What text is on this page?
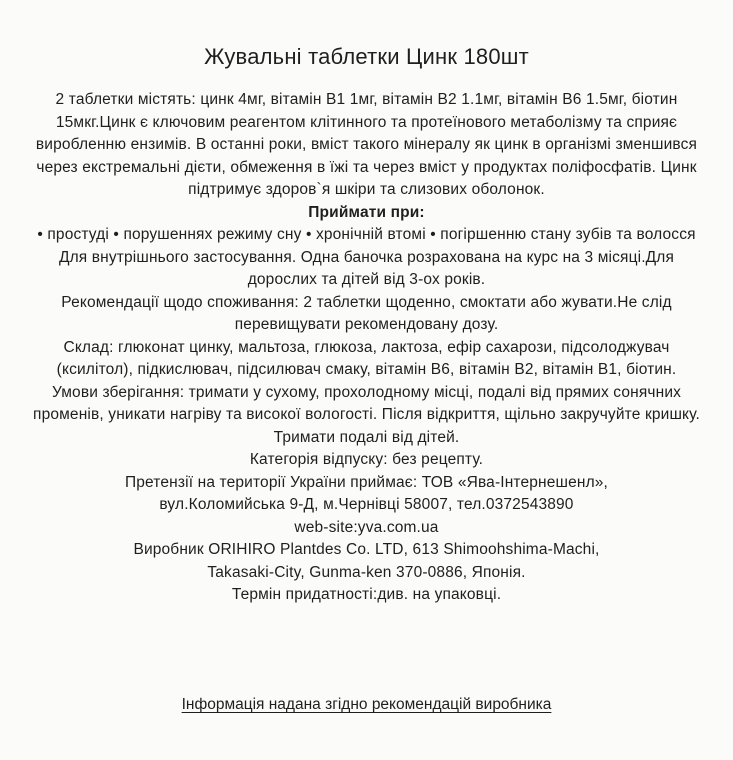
Жувальні таблетки Цинк 180шт

2 таблетки містять: цинк 4мг, вітамін B1 1мг, вітамін B2 1.1мг, вітамін B6 1.5мг, біотин 15мкг.Цинк є ключовим реагентом клітинного та протеїнового метаболізму та сприяє виробленню ензимів. В останні роки, вміст такого мінералу як цинк в організмі зменшився через екстремальні дієти, обмеження в їжі та через вміст у продуктах поліфосфатів. Цинк підтримує здоров`я шкіри та слизових оболонок.

Приймати при:

• простуді • порушеннях режиму сну • хронічній втомі • погіршенню стану зубів та волосся

Для внутрішнього застосування. Одна баночка розрахована на курс на 3 місяці.Для дорослих та дітей від 3-ох років.

Рекомендації щодо споживання: 2 таблетки щоденно, смоктати або жувати.Не слід перевищувати рекомендовану дозу.

Склад: глюконат цинку, мальтоза, глюкоза, лактоза, ефір сахарози, підсолоджувач (ксилітол), підкислювач, підсилювач смаку, вітамін B6, вітамін B2, вітамін B1, біотин.

Умови зберігання: тримати у сухому, прохолодному місці, подалі від прямих сонячних променів, уникати нагріву та високої вологості. Після відкриття, щільно закручуйте кришку. Тримати подалі від дітей.

Категорія відпуску: без рецепту.

Претензії на території України приймає: ТОВ «Ява-Інтернешенл»,

вул.Коломийська 9-Д, м.Чернівці 58007, тел.0372543890

web-site:yva.com.ua

Виробник ORIHIRO Plantdes Co. LTD, 613 Shimoohshima-Machi,

Takasaki-City, Gunma-ken 370-0886, Японія.

Термін придатності:див. на упаковці.

Інформація надана згідно рекомендацій виробника
